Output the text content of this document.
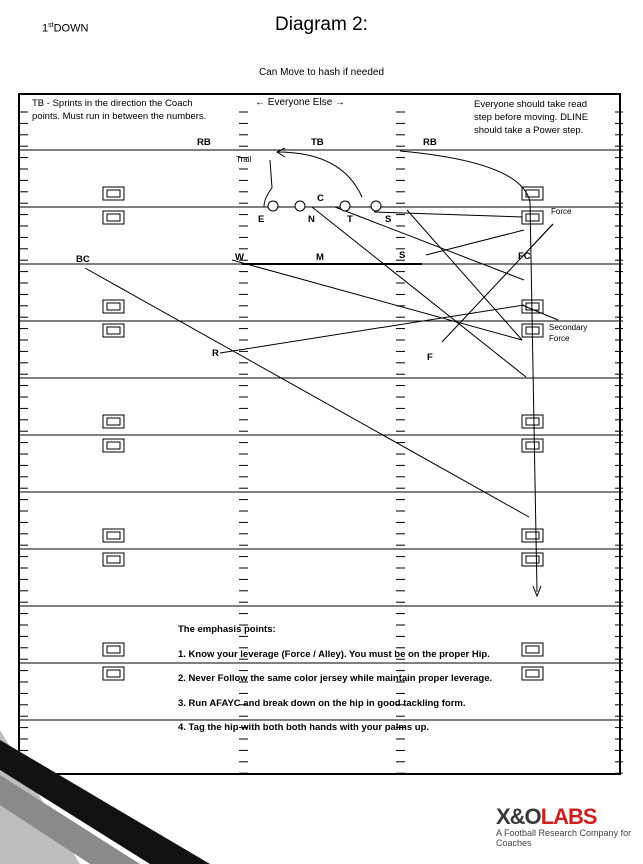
1stDOWN	Diagram 2:
Can Move to hash if needed
TB - Sprints in the direction the Coach
points. Must run in between the numbers.
← Everyone Else →	Everyone should take read
step before moving. DLINE
should take a Power step.
RB	TB	RB
Trail
C
E	N	T	S
Force
BC	W	M	S	FC
Secondary
Force
R	F
The emphasis points:
1. Know your leverage (Force / Alley). You must be on the proper Hip.
2. Never Follow the same color jersey while maintain proper leverage.
3. Run AFAYC and break down on the hip in good tackling form.
4. Tag the hip with both both hands with your palms up.
X&OLABS
A Football Research Company for Coaches
